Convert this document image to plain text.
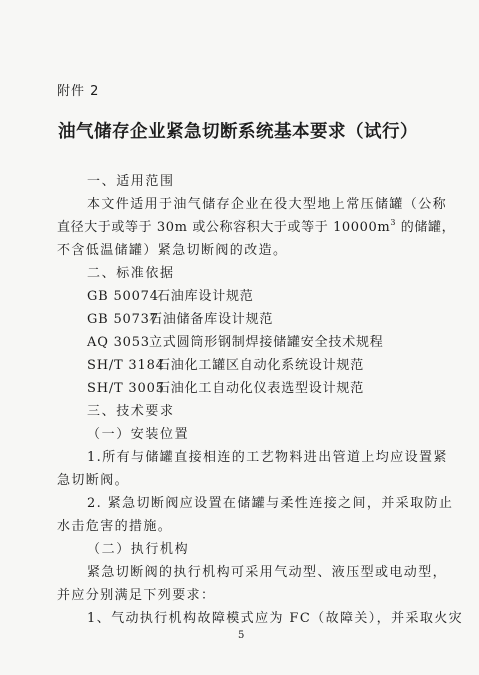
附件 2
油气储存企业紧急切断系统基本要求（试行）
一、适用范围
本文件适用于油气储存企业在役大型地上常压储罐（公称
直径大于或等于 30m 或公称容积大于或等于 $10000m^3$ 的储罐，
不含低温储罐）紧急切断阀的改造。
二、标准依据
GB 50074石油库设计规范
GB 50737石油储备库设计规范
AQ 3053立式圆筒形钢制焊接储罐安全技术规程
SH/T 3184石油化工罐区自动化系统设计规范
SH/T 3005石油化工自动化仪表选型设计规范
三、技术要求
（一）安装位置
1.所有与储罐直接相连的工艺物料进出管道上均应设置紧
急切断阀。
2. 紧急切断阀应设置在储罐与柔性连接之间，并采取防止
水击危害的措施。
（二）执行机构
紧急切断阀的执行机构可采用气动型、液压型或电动型，
并应分别满足下列要求：
1、气动执行机构故障模式应为 FC（故障关），并采取火灾
5
